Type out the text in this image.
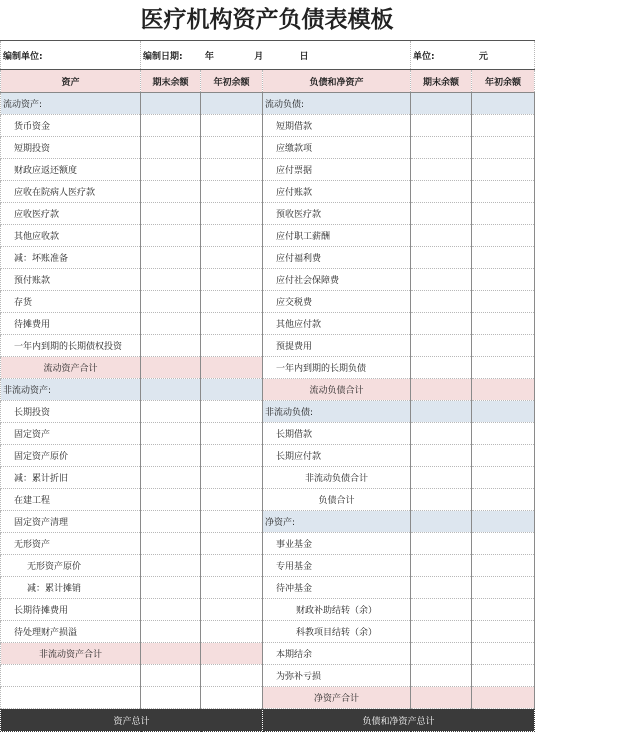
医疗机构资产负债表模板
编制单位:	编制日期: 年 月 日			单位: 元	
资产	期末余额	年初余额	负债和净资产	期末余额	年初余额
流动资产:			流动负债:		
货币资金			短期借款		
短期投资			应缴款项		
财政应返还额度			应付票据		
应收在院病人医疗款			应付账款		
应收医疗款			预收医疗款		
其他应收款			应付职工薪酬		
减：坏账准备			应付福利费		
预付账款			应付社会保障费		
存货			应交税费		
待摊费用			其他应付款		
一年内到期的长期债权投资			预提费用		
流动资产合计			一年内到期的长期负债		
非流动资产:			流动负债合计		
长期投资			非流动负债:		
固定资产			长期借款		
固定资产原价			长期应付款		
减：累计折旧			非流动负债合计		
在建工程			负债合计		
固定资产清理			净资产:		
无形资产			事业基金		
无形资产原价			专用基金		
减：累计摊销			待冲基金		
长期待摊费用			财政补助结转（余）		
待处理财产损溢			科教项目结转（余）		
非流动资产合计			本期结余		
			为弥补亏损		
			净资产合计		
资产总计			负债和净资产总计		
